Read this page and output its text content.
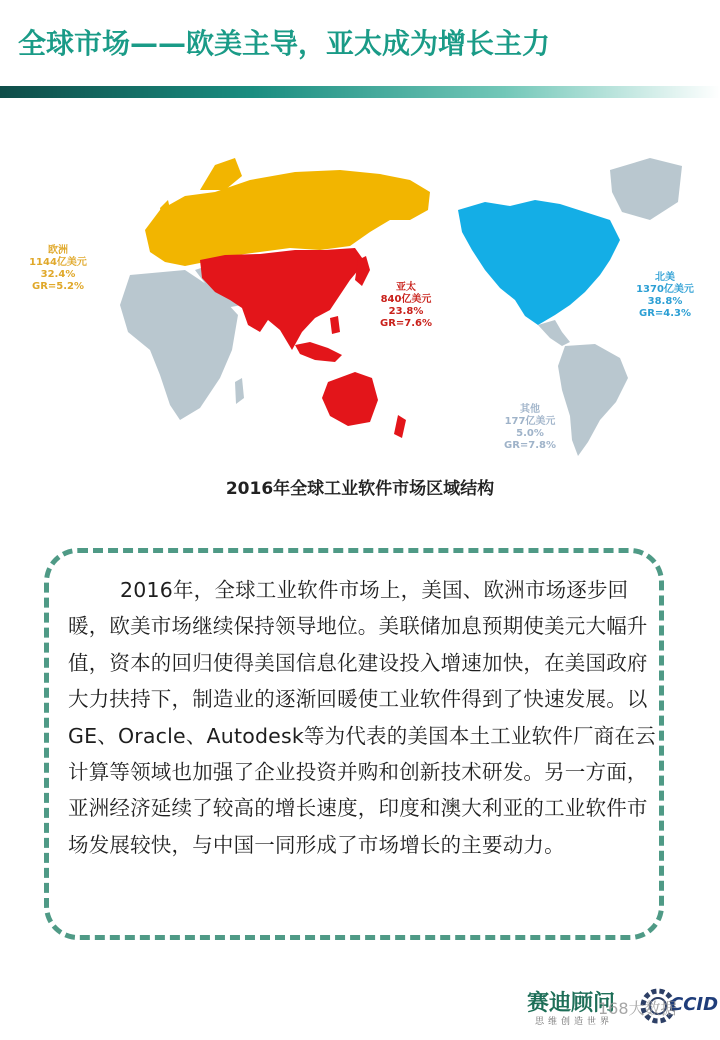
全球市场——欧美主导，亚太成为增长主力
欧洲
1144亿美元
32.4%
GR=5.2%	亚太
840亿美元
23.8%
GR=7.6%
北美
1370亿美元
38.8%
GR=4.3%
其他
177亿美元
5.0%
GR=7.8%
2016年全球工业软件市场区域结构

2016年，全球工业软件市场上，美国、欧洲市场逐步回暖，欧美市场继续保持领导地位。美联储加息预期使美元大幅升值，资本的回归使得美国信息化建设投入增速加快，在美国政府大力扶持下，制造业的逐渐回暖使工业软件得到了快速发展。以GE、Oracle、Autodesk等为代表的美国本土工业软件厂商在云计算等领域也加强了企业投资并购和创新技术研发。另一方面，亚洲经济延续了较高的增长速度，印度和澳大利亚的工业软件市场发展较快，与中国一同形成了市场增长的主要动力。

赛迪顾问
思维创造世界
CCID
168大数据
